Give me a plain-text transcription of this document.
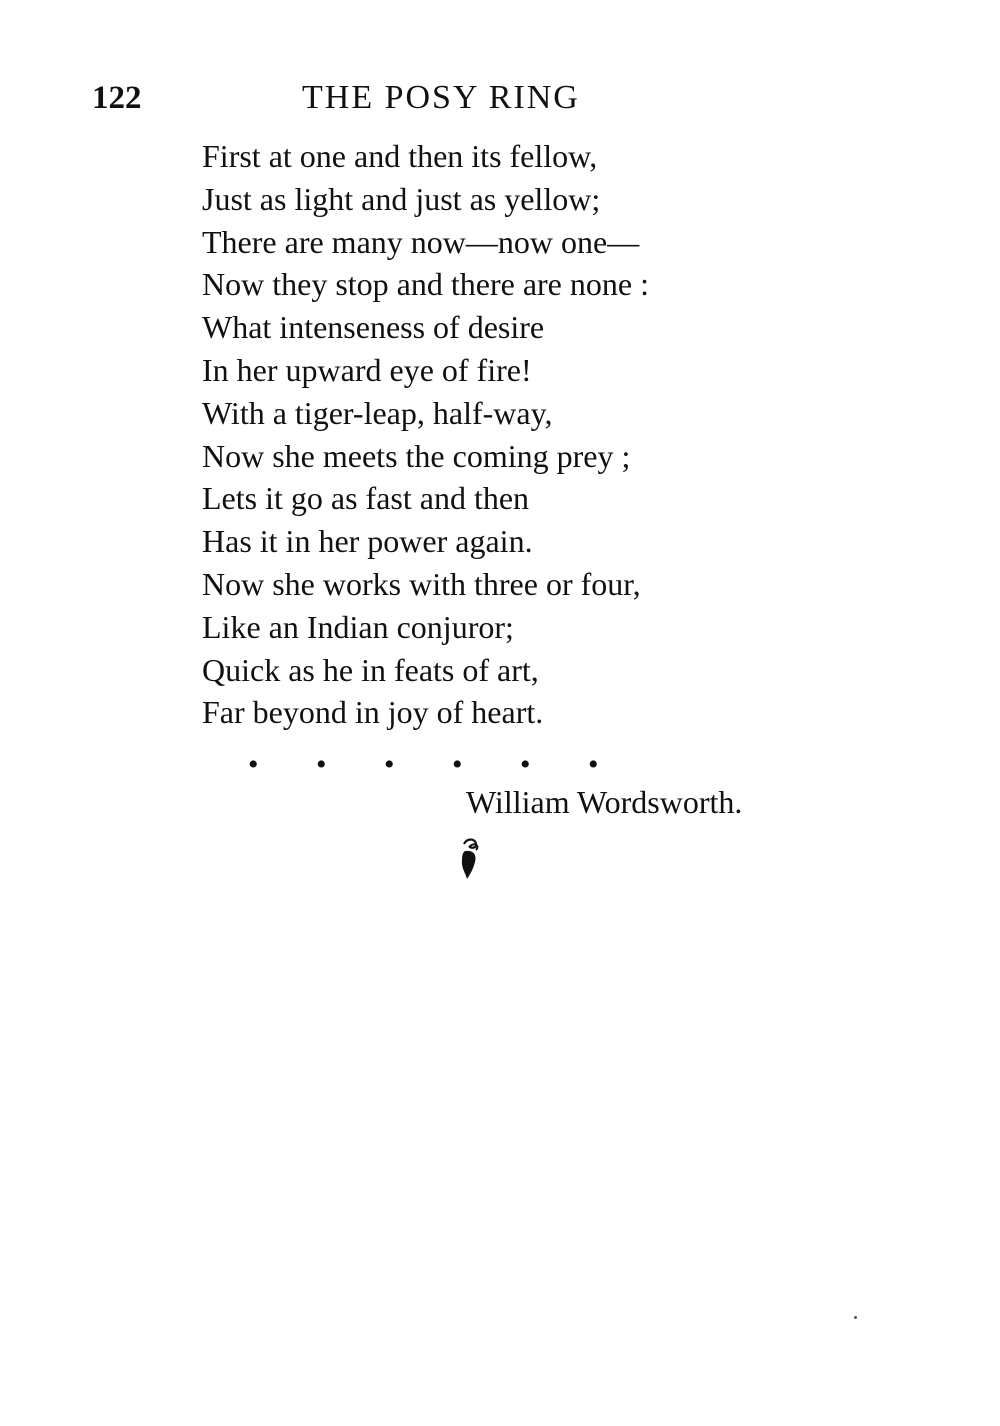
122	THE POSY RING
First at one and then its fellow,
Just as light and just as yellow;
There are many now—now one—
Now they stop and there are none :
What intenseness of desire
In her upward eye of fire!
With a tiger-leap, half-way,
Now she meets the coming prey ;
Lets it go as fast and then
Has it in her power again.
Now she works with three or four,
Like an Indian conjuror;
Quick as he in feats of art,
Far beyond in joy of heart.
• • • • • •
William Wordsworth.
